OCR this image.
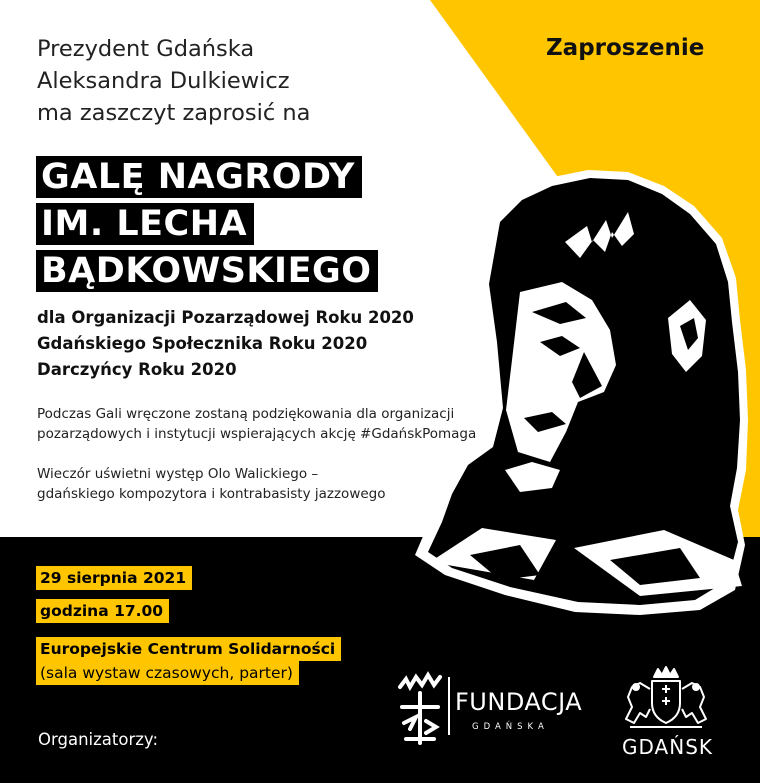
Prezydent Gdańska
Aleksandra Dulkiewicz
ma zaszczyt zaprosić na
Zaproszenie
GALĘ NAGRODY
IM. LECHA
BĄDKOWSKIEGO
dla Organizacji Pozarządowej Roku 2020
Gdańskiego Społecznika Roku 2020
Darczyńcy Roku 2020
Podczas Gali wręczone zostaną podziękowania dla organizacji
pozarządowych i instytucji wspierających akcję #GdańskPomaga
Wieczór uświetni występ Olo Walickiego –
gdańskiego kompozytora i kontrabasisty jazzowego
29 sierpnia 2021
godzina 17.00
Europejskie Centrum Solidarności
(sala wystaw czasowych, parter)
Organizatorzy:
FUNDACJA
GDAŃSKA
GDAŃSK
